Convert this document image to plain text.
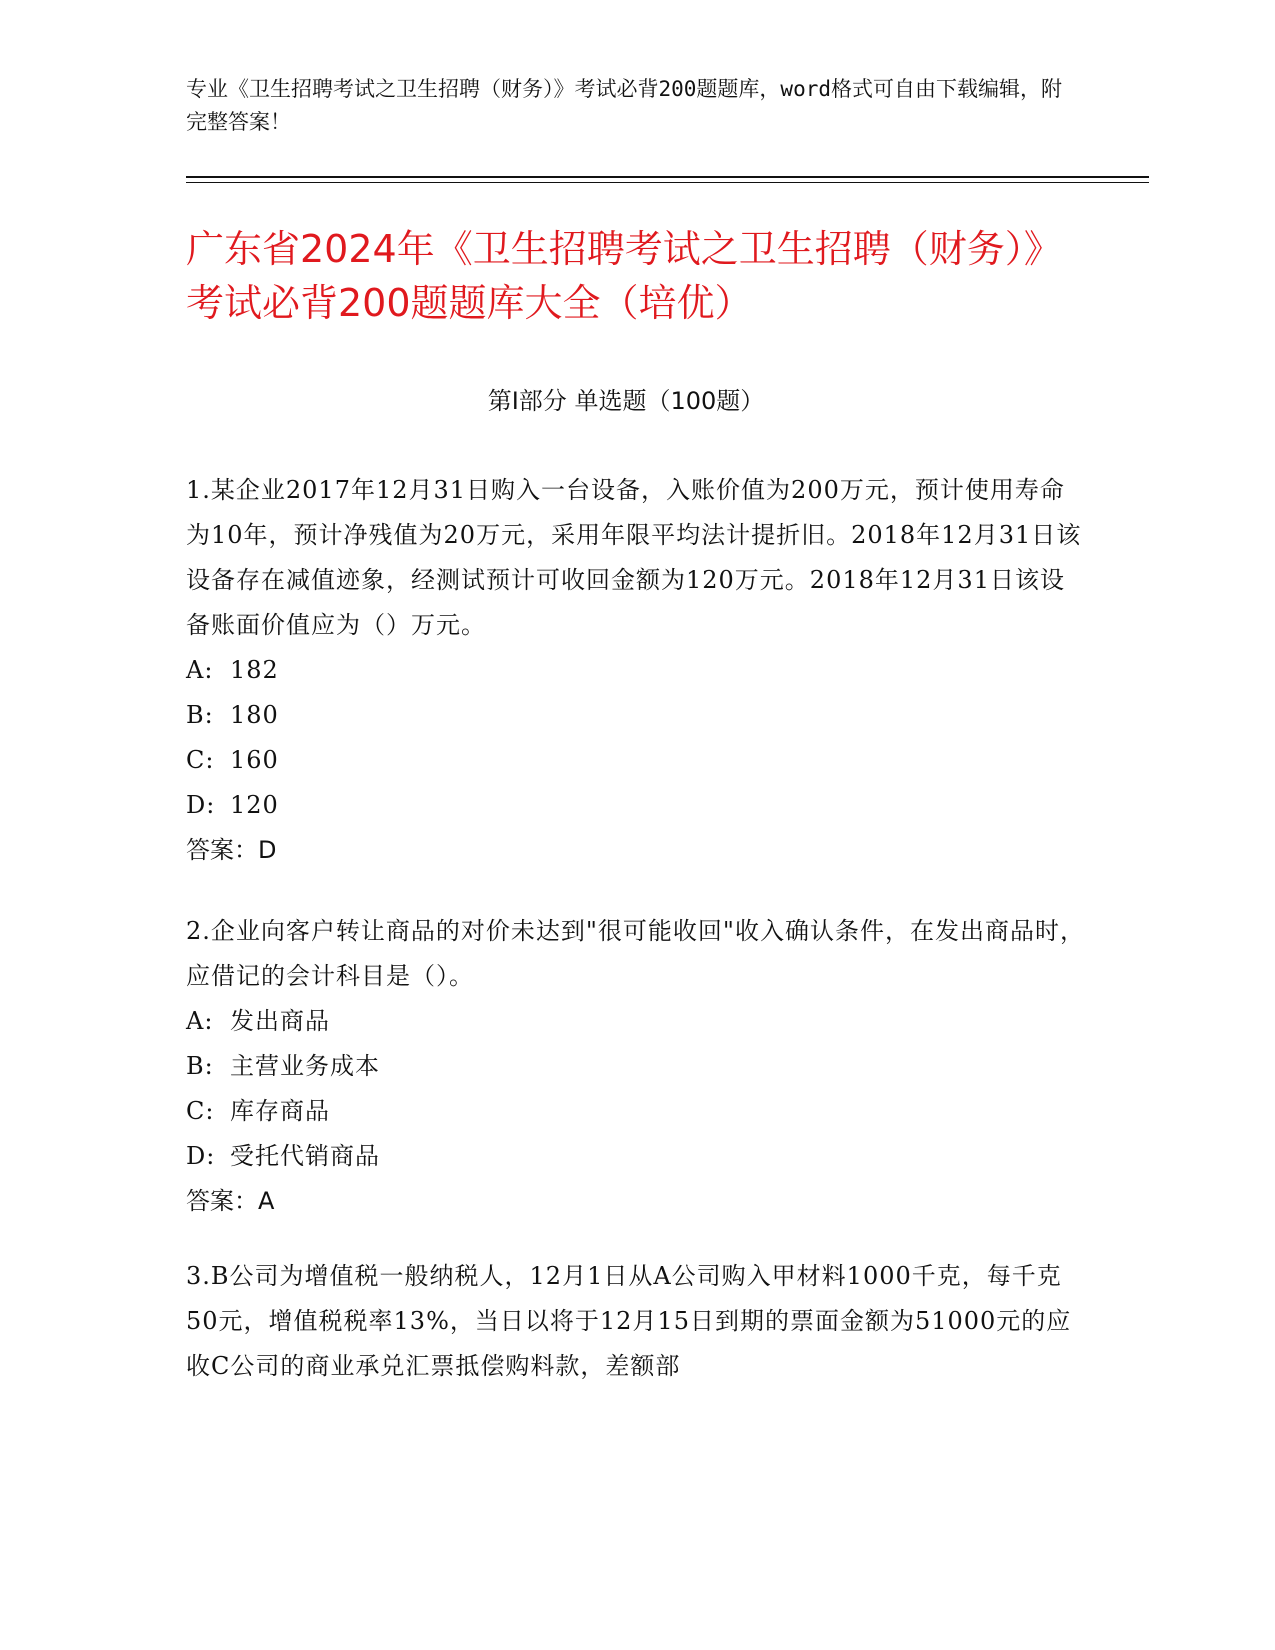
专业《卫生招聘考试之卫生招聘（财务）》考试必背200题题库，word格式可自由下载编辑，附完整答案！
广东省2024年《卫生招聘考试之卫生招聘（财务）》考试必背200题题库大全（培优）
第I部分 单选题（100题）
1.某企业2017年12月31日购入一台设备，入账价值为200万元，预计使用寿命为10年，预计净残值为20万元，采用年限平均法计提折旧。2018年12月31日该设备存在减值迹象，经测试预计可收回金额为120万元。2018年12月31日该设备账面价值应为（）万元。
A: 182
B: 180
C: 160
D: 120
答案：D
2.企业向客户转让商品的对价未达到"很可能收回"收入确认条件，在发出商品时，应借记的会计科目是（）。
A: 发出商品
B: 主营业务成本
C: 库存商品
D: 受托代销商品
答案：A
3.B公司为增值税一般纳税人，12月1日从A公司购入甲材料1000千克，每千克50元，增值税税率13%，当日以将于12月15日到期的票面金额为51000元的应收C公司的商业承兑汇票抵偿购料款，差额部
